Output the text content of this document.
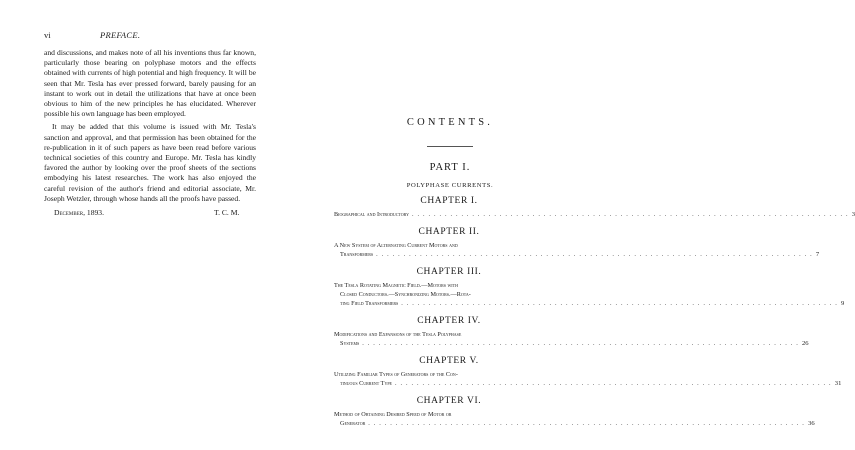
vi	PREFACE.

and discussions, and makes note of all his inventions thus far known, particularly those bearing on polyphase motors and the effects obtained with currents of high potential and high frequency. It will be seen that Mr. Tesla has ever pressed forward, barely pausing for an instant to work out in detail the utilizations that have at once been obvious to him of the new principles he has elucidated. Wherever possible his own language has been employed.

It may be added that this volume is issued with Mr. Tesla's sanction and approval, and that permission has been obtained for the re-publication in it of such papers as have been read before various technical societies of this country and Europe. Mr. Tesla has kindly favored the author by looking over the proof sheets of the sections embodying his latest researches. The work has also enjoyed the careful revision of the author's friend and editorial associate, Mr. Joseph Wetzler, through whose hands all the proofs have passed.

December, 1893.	T. C. M.
CONTENTS.
PART I.
POLYPHASE CURRENTS.
CHAPTER I.
Biographical and Introductory . . . . . . . . . . . . . . . . . . . . . . . . . . . . . . . . . . . . . . . . . . . . . . . . . . . . . . . . . . . . . . . . . . . . . . . . . . . . . . . . 3
CHAPTER II.
A New System of Alternating Current Motors and
Transformers . . . . . . . . . . . . . . . . . . . . . . . . . . . . . . . . . . . . . . . . . . . . . . . . . . . . . . . . . . . . . . . . . . . . . . . . . . . . . . . . 7
CHAPTER III.
The Tesla Rotating Magnetic Field.—Motors with
Closed Conductors.—Synchronizing Motors.—Rota-
ting Field Transformers . . . . . . . . . . . . . . . . . . . . . . . . . . . . . . . . . . . . . . . . . . . . . . . . . . . . . . . . . . . . . . . . . . . . . . . . . . . . . . . . 9
CHAPTER IV.
Modifications and Expansions of the Tesla Polyphase
Systems . . . . . . . . . . . . . . . . . . . . . . . . . . . . . . . . . . . . . . . . . . . . . . . . . . . . . . . . . . . . . . . . . . . . . . . . . . . . . . . . 26
CHAPTER V.
Utilizing Familiar Types of Generators of the Con-
tinuous Current Type . . . . . . . . . . . . . . . . . . . . . . . . . . . . . . . . . . . . . . . . . . . . . . . . . . . . . . . . . . . . . . . . . . . . . . . . . . . . . . . . 31
CHAPTER VI.
Method of Obtaining Desired Speed of Motor or
Generator . . . . . . . . . . . . . . . . . . . . . . . . . . . . . . . . . . . . . . . . . . . . . . . . . . . . . . . . . . . . . . . . . . . . . . . . . . . . . . . . 36
